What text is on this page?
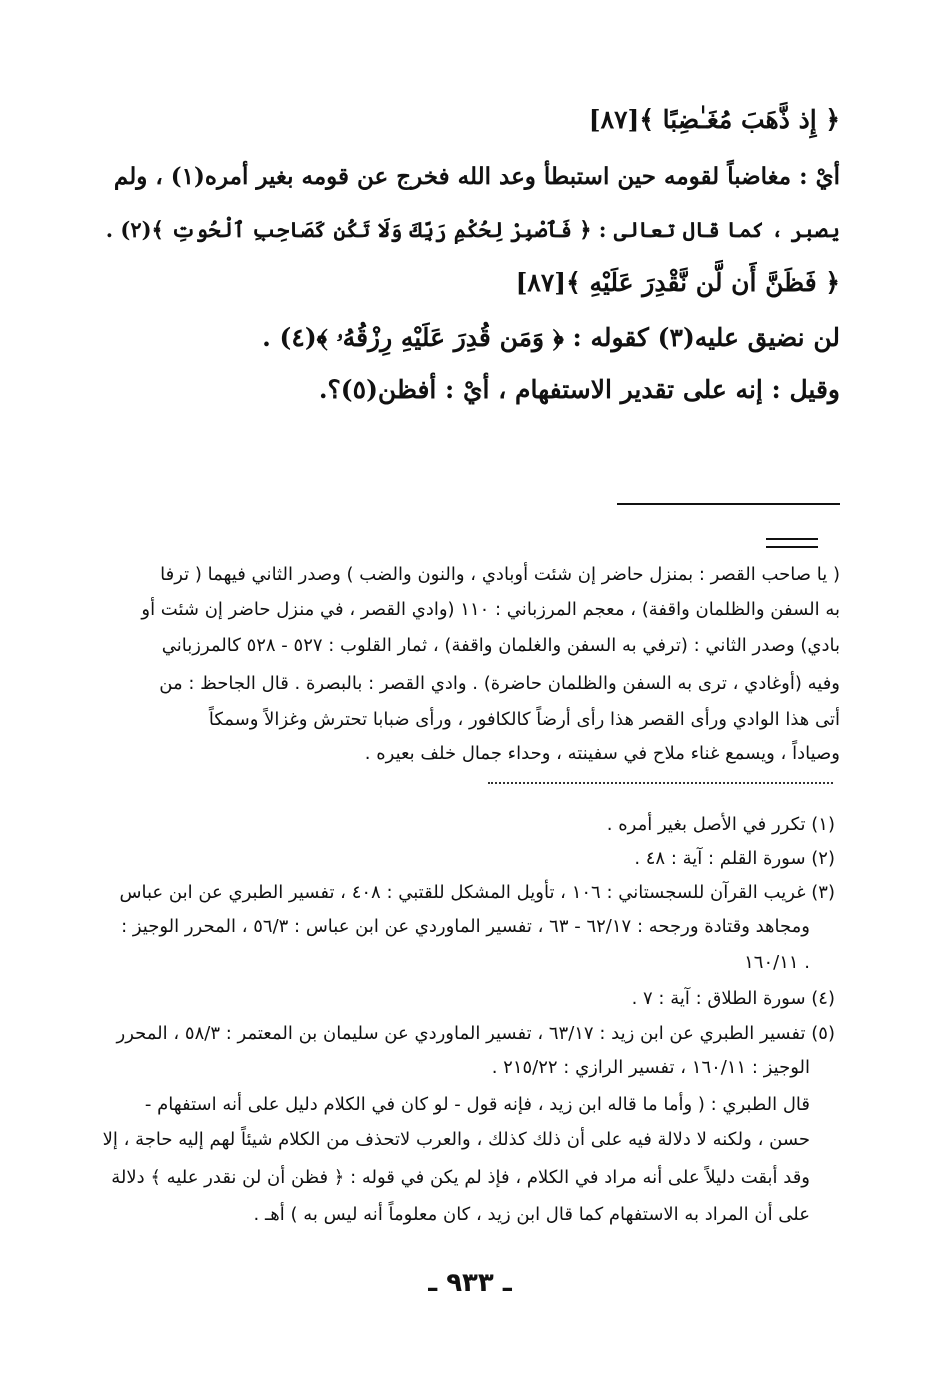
﴿ إِذ ذَّهَبَ مُغَـٰضِبًا ﴾[٨٧]
أيْ : مغاضباً لقومه حين استبطأ وعد الله فخرج عن قومه بغير أمره(١) ، ولم
يصبر ، كما قال تعالى : ﴿ فَٱصْبِرْ لِحُكْمِ رَبِّكَ وَلَا تَكُن كَصَاحِبِ ٱلْحُوتِ ﴾(٢) .
﴿ فَظَنَّ أَن لَّن نَّقْدِرَ عَلَيْهِ ﴾[٨٧]
لن نضيق عليه(٣) كقوله : ﴿ وَمَن قُدِرَ عَلَيْهِ رِزْقُهُۥ ﴾(٤) .
وقيل : إنه على تقدير الاستفهام ، أيْ : أفظن(٥)؟.
( يا صاحب القصر : بمنزل حاضر إن شئت أوبادي ، والنون والضب ) وصدر الثاني فيهما ( ترفا
به السفن والظلمان واقفة) ، معجم المرزباني : ١١٠ (وادي القصر ، في منزل حاضر إن شئت أو
بادي) وصدر الثاني : (ترفي به السفن والغلمان واقفة) ، ثمار القلوب : ٥٢٧ - ٥٢٨ كالمرزباني
وفيه (أوغادي ، ترى به السفن والظلمان حاضرة) . وادي القصر : بالبصرة . قال الجاحظ : من
أتى هذا الوادي ورأى القصر هذا رأى أرضاً كالكافور ، ورأى ضبابا تحترش وغزالاً وسمكاً
وصياداً ، ويسمع غناء ملاح في سفينته ، وحداء جمال خلف بعيره .
(١) تكرر في الأصل بغير أمره .
(٢) سورة القلم : آية : ٤٨ .
(٣) غريب القرآن للسجستاني : ١٠٦ ، تأويل المشكل للقتبي : ٤٠٨ ، تفسير الطبري عن ابن عباس
ومجاهد وقتادة ورجحه : ٦٢/١٧ - ٦٣ ، تفسير الماوردي عن ابن عباس : ٥٦/٣ ، المحرر الوجيز :
١٦٠/١١ .
(٤) سورة الطلاق : آية : ٧ .
(٥) تفسير الطبري عن ابن زيد : ٦٣/١٧ ، تفسير الماوردي عن سليمان بن المعتمر : ٥٨/٣ ، المحرر
الوجيز : ١٦٠/١١ ، تفسير الرازي : ٢١٥/٢٢ .
قال الطبري : ( وأما ما قاله ابن زيد ، فإنه قول - لو كان في الكلام دليل على أنه استفهام -
حسن ، ولكنه لا دلالة فيه على أن ذلك كذلك ، والعرب لاتحذف من الكلام شيئاً لهم إليه حاجة ، إلا
وقد أبقت دليلاً على أنه مراد في الكلام ، فإذ لم يكن في قوله : ﴿ فظن أن لن نقدر عليه ﴾ دلالة
على أن المراد به الاستفهام كما قال ابن زيد ، كان معلوماً أنه ليس به ) أهـ .
ـ ٩٣٣ ـ
